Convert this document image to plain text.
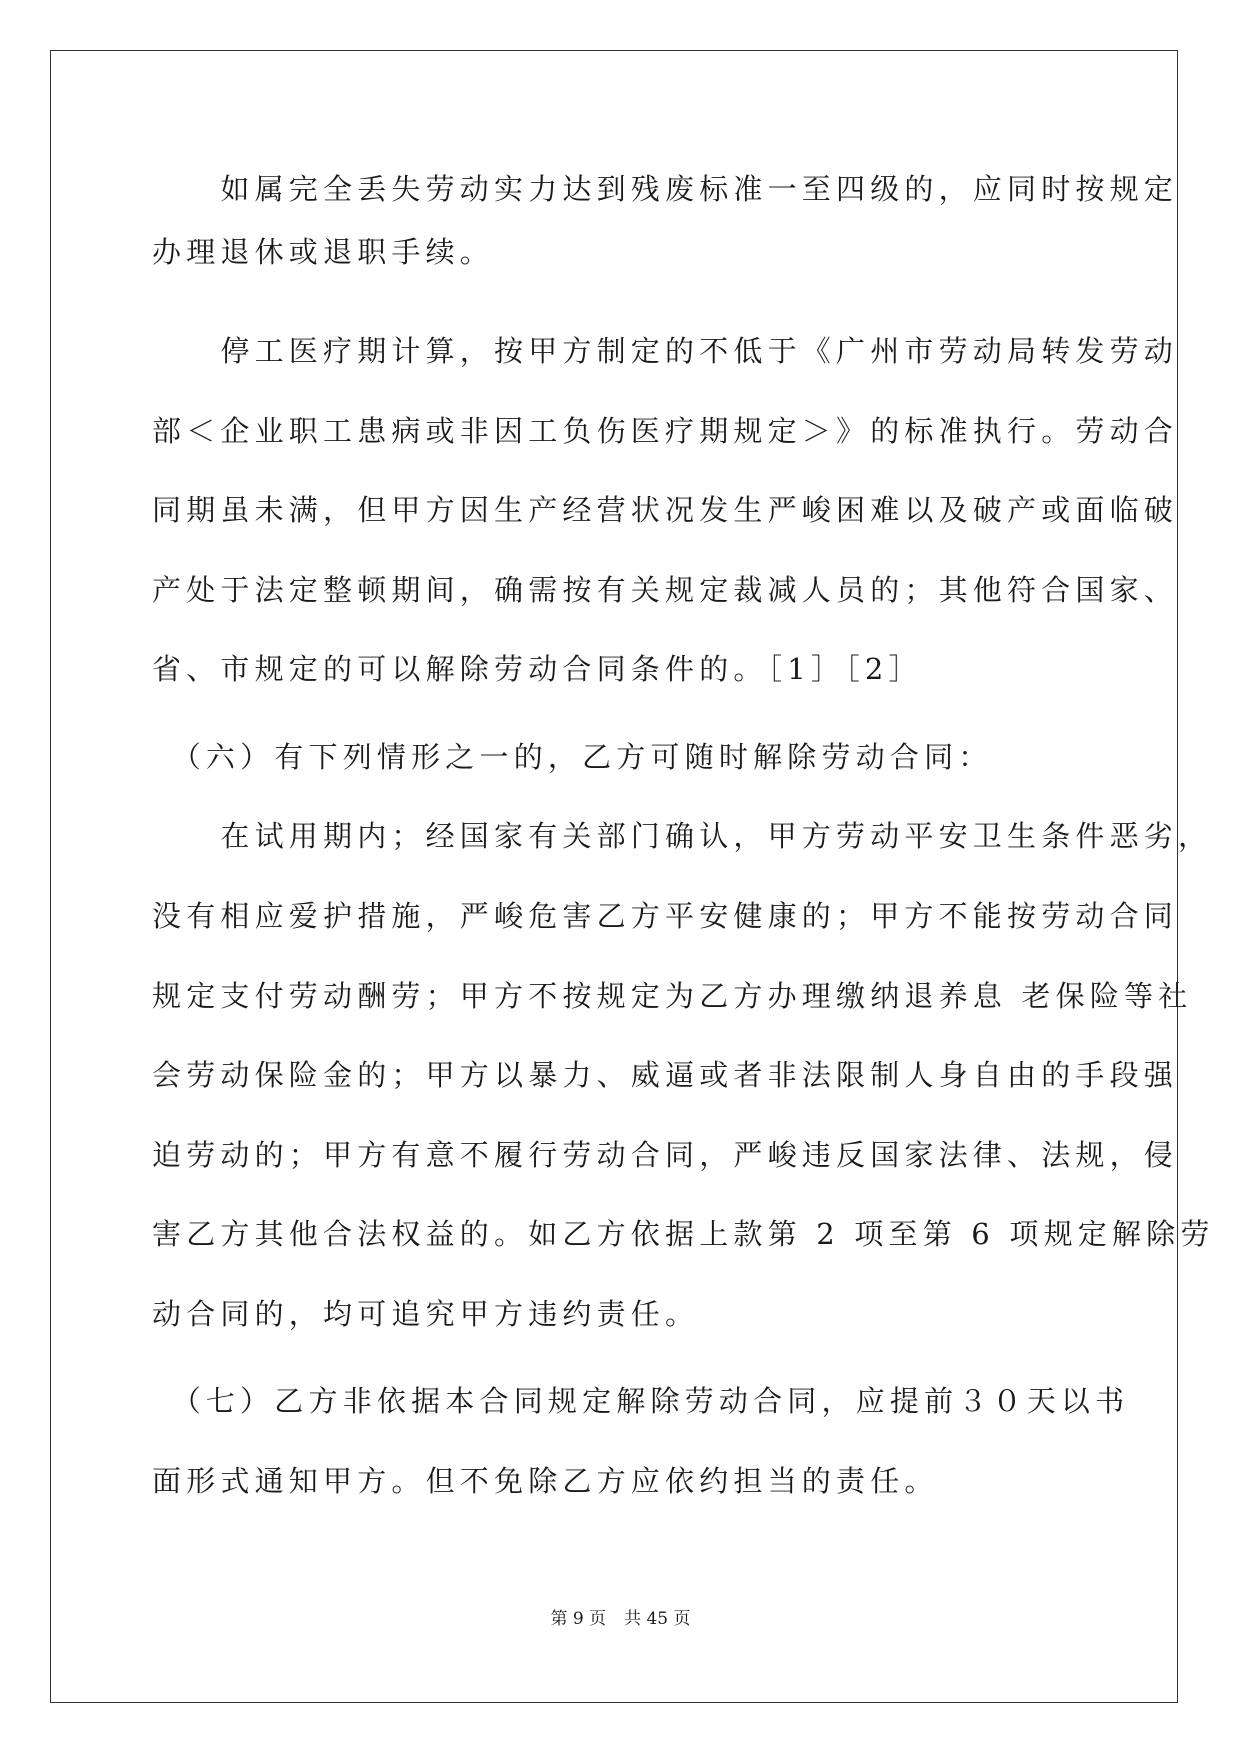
　　如属完全丢失劳动实力达到残废标准一至四级的，应同时按规定
办理退休或退职手续。
　　停工医疗期计算，按甲方制定的不低于《广州市劳动局转发劳动
部＜企业职工患病或非因工负伤医疗期规定＞》的标准执行。劳动合
同期虽未满，但甲方因生产经营状况发生严峻困难以及破产或面临破
产处于法定整顿期间，确需按有关规定裁减人员的；其他符合国家、
省、市规定的可以解除劳动合同条件的。［1］［2］
　（六）有下列情形之一的，乙方可随时解除劳动合同：
　　在试用期内；经国家有关部门确认，甲方劳动平安卫生条件恶劣，
没有相应爱护措施，严峻危害乙方平安健康的；甲方不能按劳动合同
规定支付劳动酬劳；甲方不按规定为乙方办理缴纳退养息 老保险等社
会劳动保险金的；甲方以暴力、威逼或者非法限制人身自由的手段强
迫劳动的；甲方有意不履行劳动合同，严峻违反国家法律、法规，侵
害乙方其他合法权益的。如乙方依据上款第 2 项至第 6 项规定解除劳
动合同的，均可追究甲方违约责任。
　（七）乙方非依据本合同规定解除劳动合同，应提前３０天以书
面形式通知甲方。但不免除乙方应依约担当的责任。
第 9 页 共 45 页
